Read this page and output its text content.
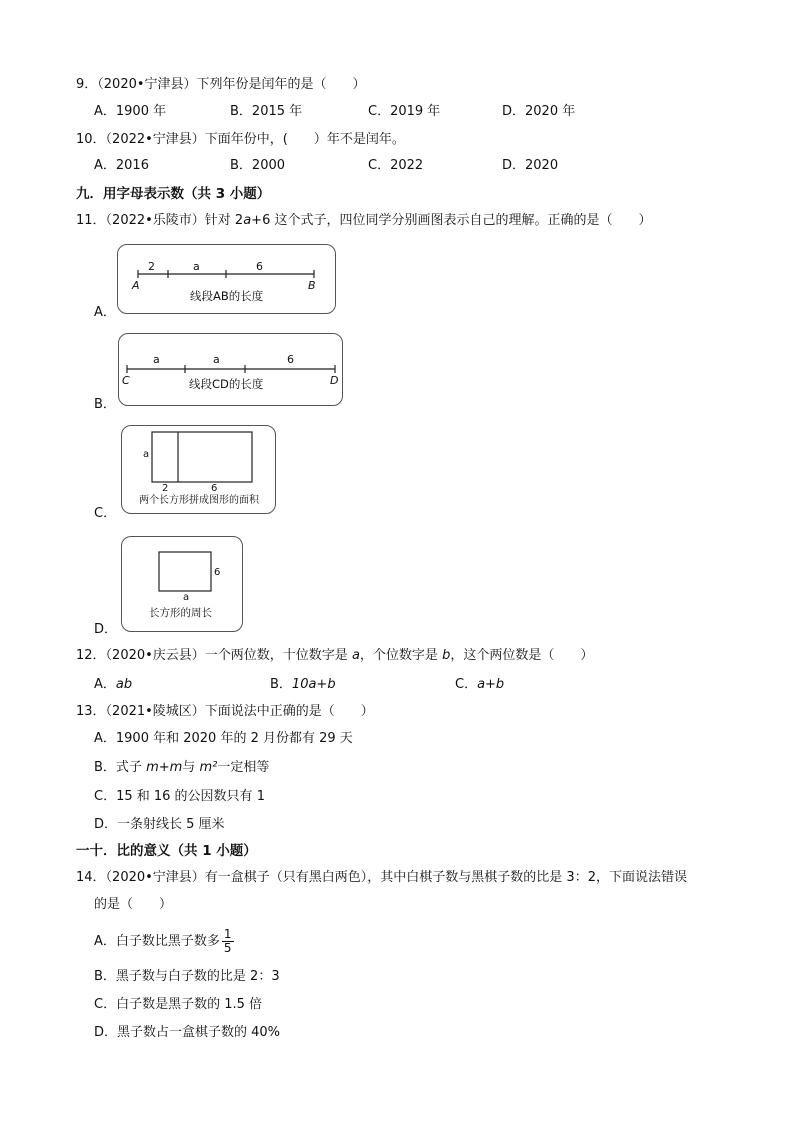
9．（2020•宁津县）下列年份是闰年的是（　　）
A．1900 年	B．2015 年	C．2019 年	D．2020 年
10．（2022•宁津县）下面年份中，(　　）年不是闰年。
A．2016	B．2000	C．2022	D．2020
九．用字母表示数（共 3 小题）
11．（2022•乐陵市）针对 2a+6 这个式子，四位同学分别画图表示自己的理解。正确的是（　　）
2	a	6
A	B
线段AB的长度
A．
a	a	6
C	D
线段CD的长度
B．
a
2	6
两个长方形拼成图形的面积
C．
6
a
长方形的周长
D．
12．（2020•庆云县）一个两位数，十位数字是 a，个位数字是 b，这个两位数是（　　）
A．ab	B．10a+b	C．a+b
13．（2021•陵城区）下面说法中正确的是（　　）
A．1900 年和 2020 年的 2 月份都有 29 天
B．式子 m+m与 m²一定相等
C．15 和 16 的公因数只有 1
D．一条射线长 5 厘米
一十．比的意义（共 1 小题）
14．（2020•宁津县）有一盒棋子（只有黑白两色），其中白棋子数与黑棋子数的比是 3：2，下面说法错误
的是（　　）
A．白子数比黑子数多 $\frac{1}{5}$
B．黑子数与白子数的比是 2：3
C．白子数是黑子数的 1.5 倍
D．黑子数占一盒棋子数的 40%
